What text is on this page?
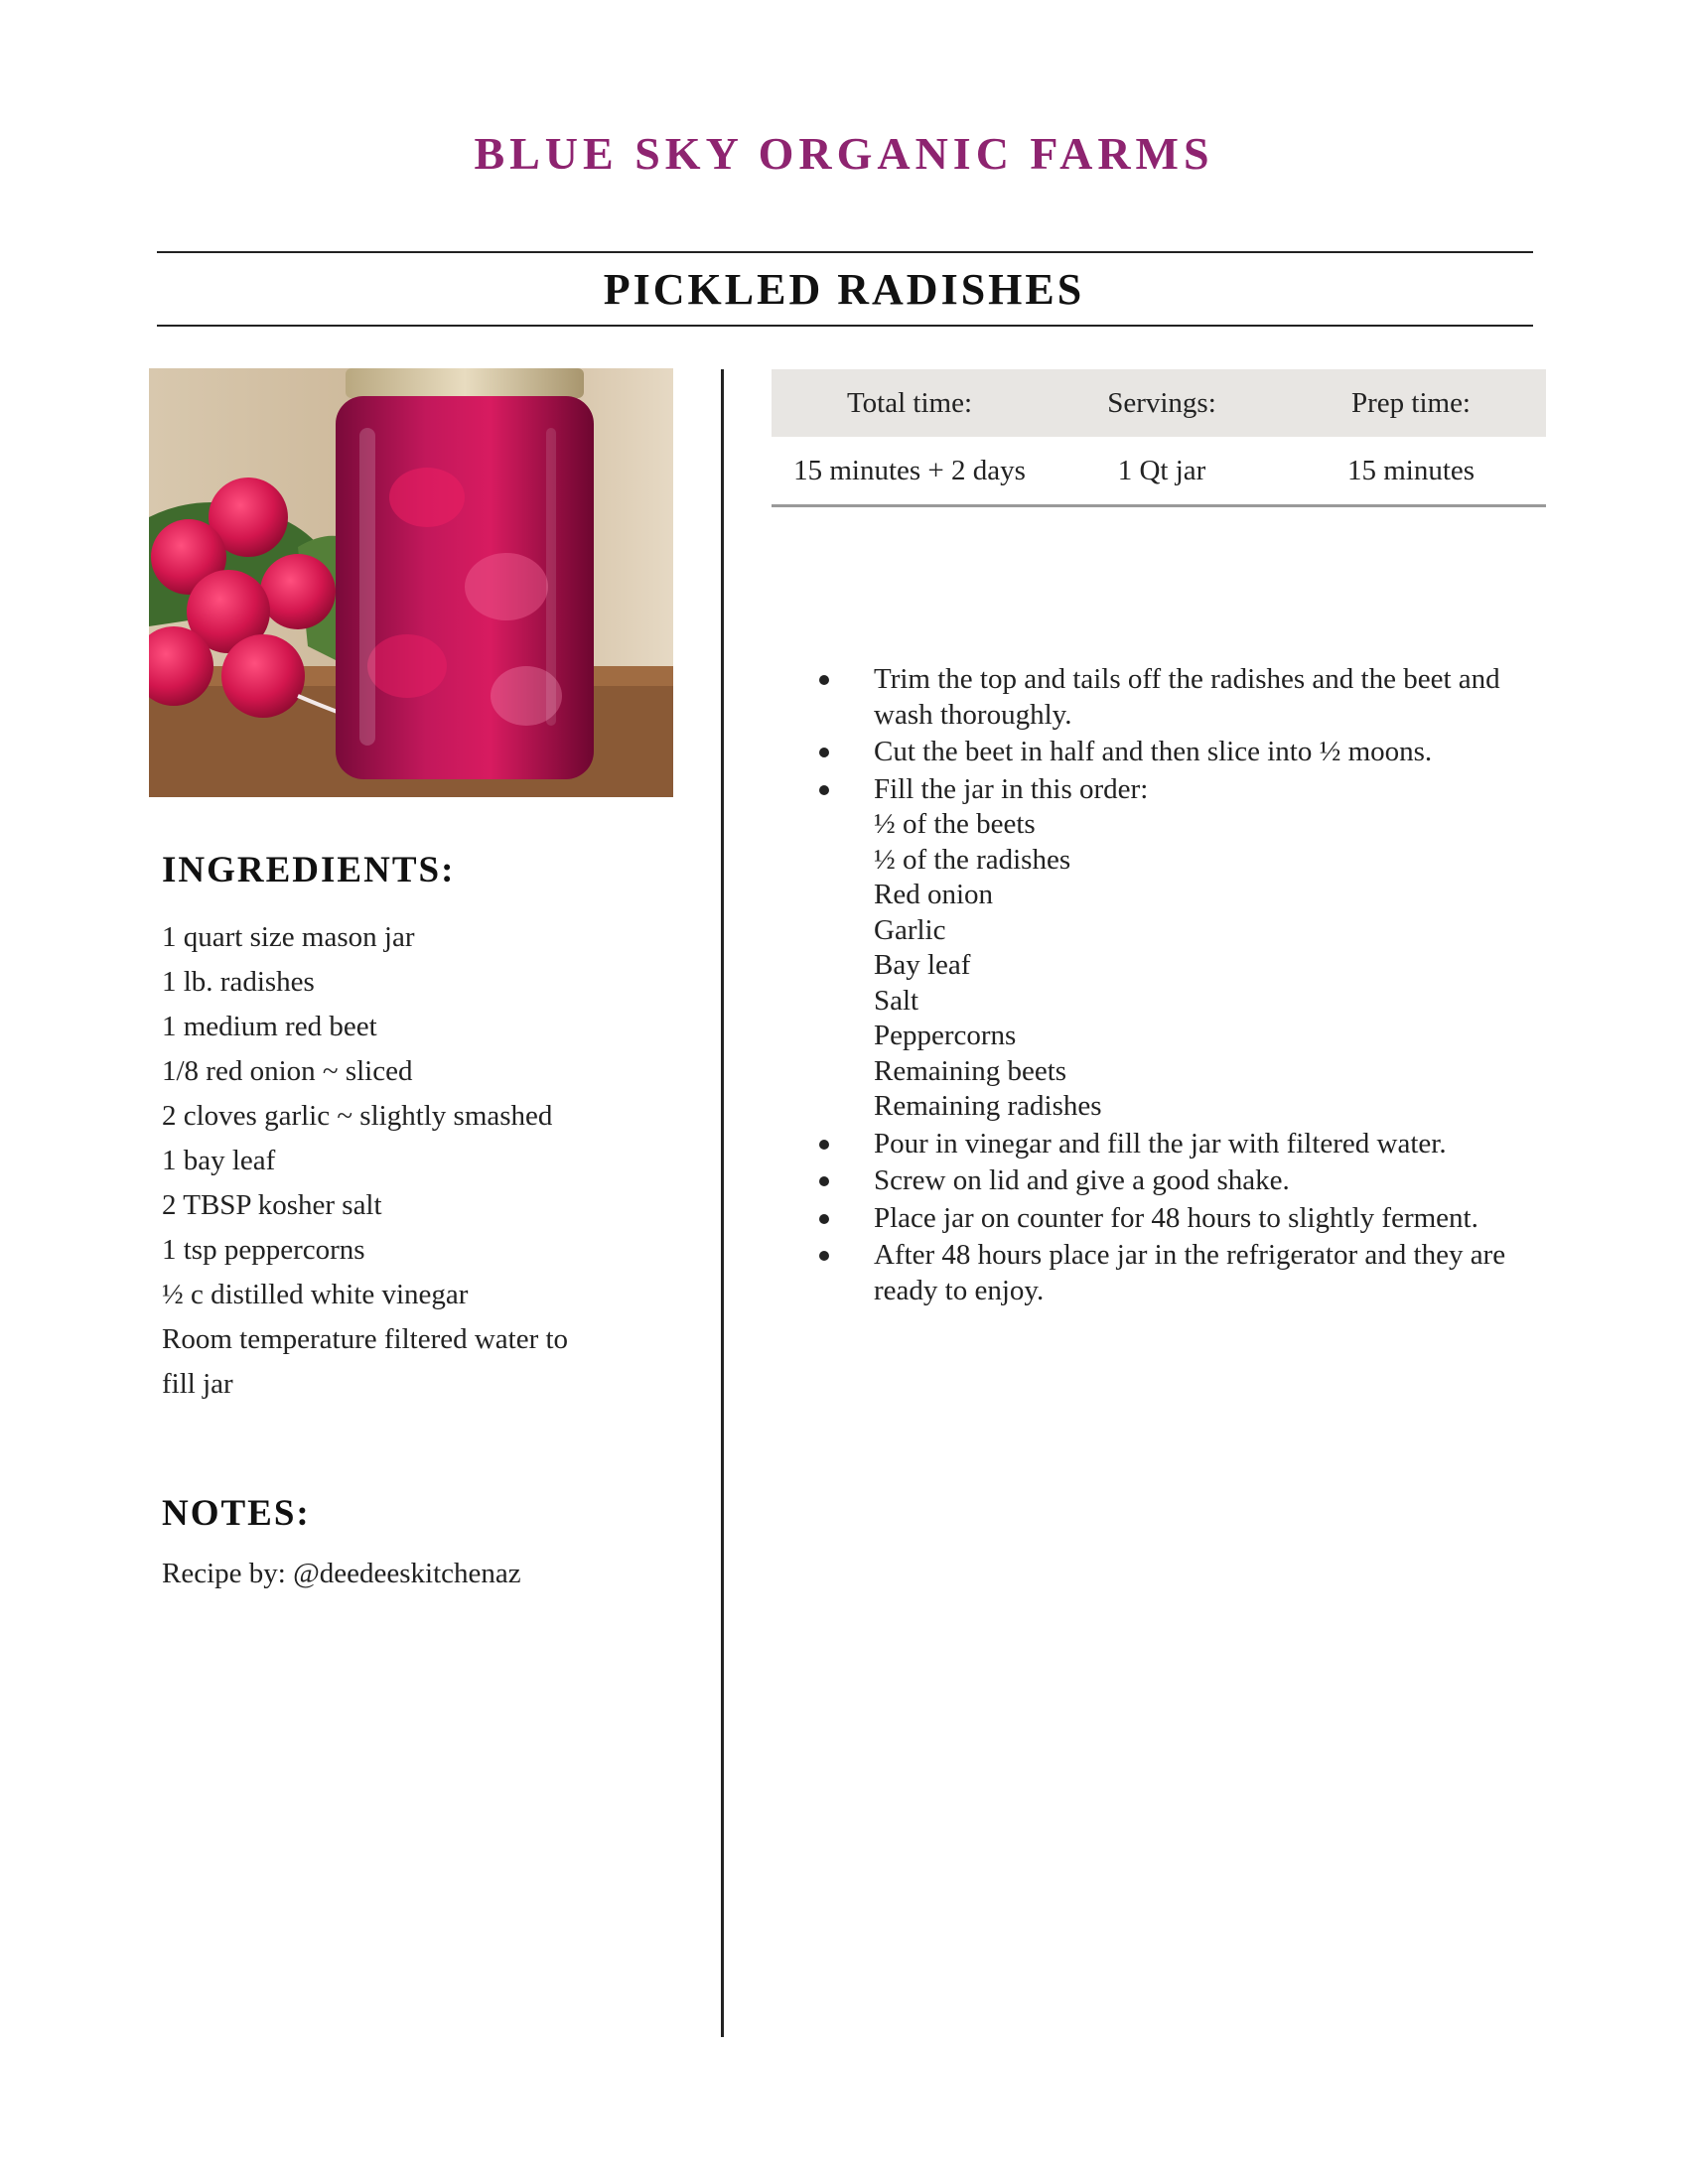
BLUE SKY ORGANIC FARMS
PICKLED RADISHES
INGREDIENTS:
1 quart size mason jar
1 lb. radishes
1 medium red beet
1/8 red onion ~ sliced
2 cloves garlic ~ slightly smashed
1 bay leaf
2 TBSP kosher salt
1 tsp peppercorns
½ c distilled white vinegar
Room temperature filtered water to fill jar
NOTES:
Recipe by: @deedeeskitchenaz
Total time:	Servings:	Prep time:
15 minutes + 2 days	1 Qt jar	15 minutes
Trim the top and tails off the radishes and the beet and wash thoroughly.
Cut the beet in half and then slice into ½ moons.
Fill the jar in this order:
½ of the beets
½ of the radishes
Red onion
Garlic
Bay leaf
Salt
Peppercorns
Remaining beets
Remaining radishes
Pour in vinegar and fill the jar with filtered water.
Screw on lid and give a good shake.
Place jar on counter for 48 hours to slightly ferment.
After 48 hours place jar in the refrigerator and they are ready to enjoy.
